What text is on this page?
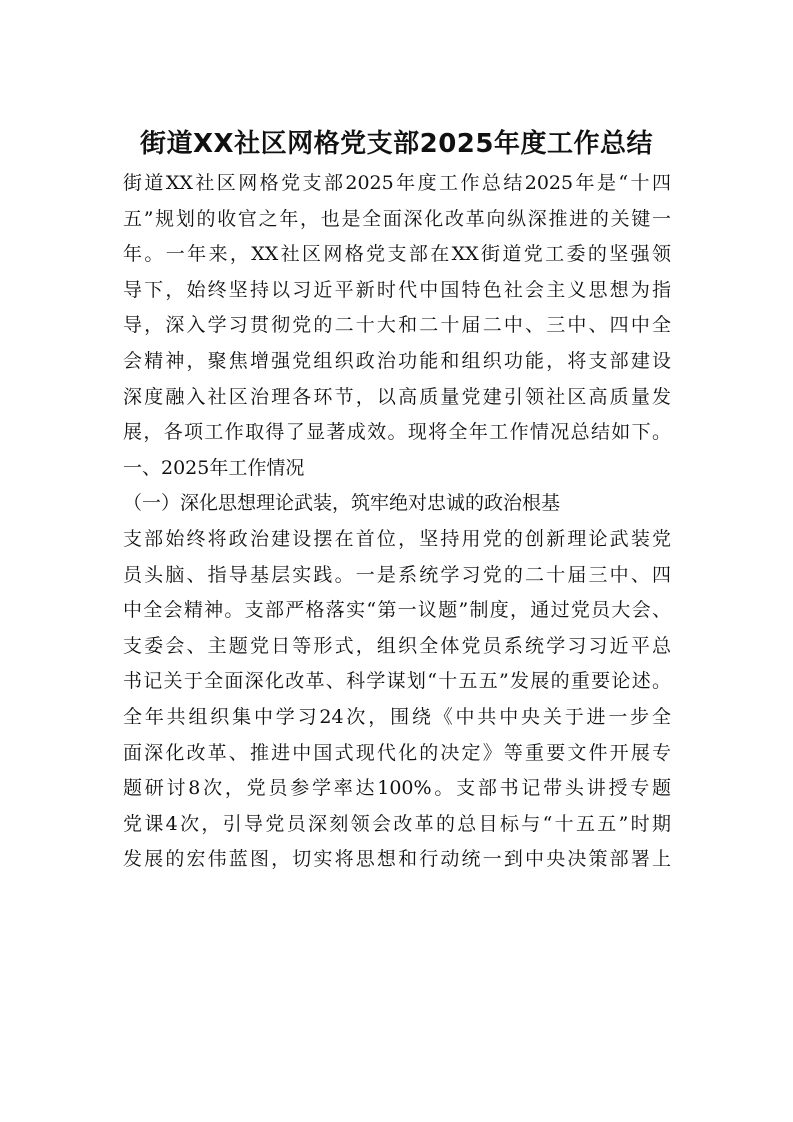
街道XX社区网格党支部2025年度工作总结
街道XX社区网格党支部2025年度工作总结2025年是“十四
五”规划的收官之年，也是全面深化改革向纵深推进的关键一
年。一年来，XX社区网格党支部在XX街道党工委的坚强领
导下，始终坚持以习近平新时代中国特色社会主义思想为指
导，深入学习贯彻党的二十大和二十届二中、三中、四中全
会精神，聚焦增强党组织政治功能和组织功能，将支部建设
深度融入社区治理各环节，以高质量党建引领社区高质量发
展，各项工作取得了显著成效。现将全年工作情况总结如下。
一、2025年工作情况
（一）深化思想理论武装，筑牢绝对忠诚的政治根基
支部始终将政治建设摆在首位，坚持用党的创新理论武装党
员头脑、指导基层实践。一是系统学习党的二十届三中、四
中全会精神。支部严格落实“第一议题”制度，通过党员大会、
支委会、主题党日等形式，组织全体党员系统学习习近平总
书记关于全面深化改革、科学谋划“十五五”发展的重要论述。
全年共组织集中学习24次，围绕《中共中央关于进一步全
面深化改革、推进中国式现代化的决定》等重要文件开展专
题研讨8次，党员参学率达100%。支部书记带头讲授专题
党课4次，引导党员深刻领会改革的总目标与“十五五”时期
发展的宏伟蓝图，切实将思想和行动统一到中央决策部署上
